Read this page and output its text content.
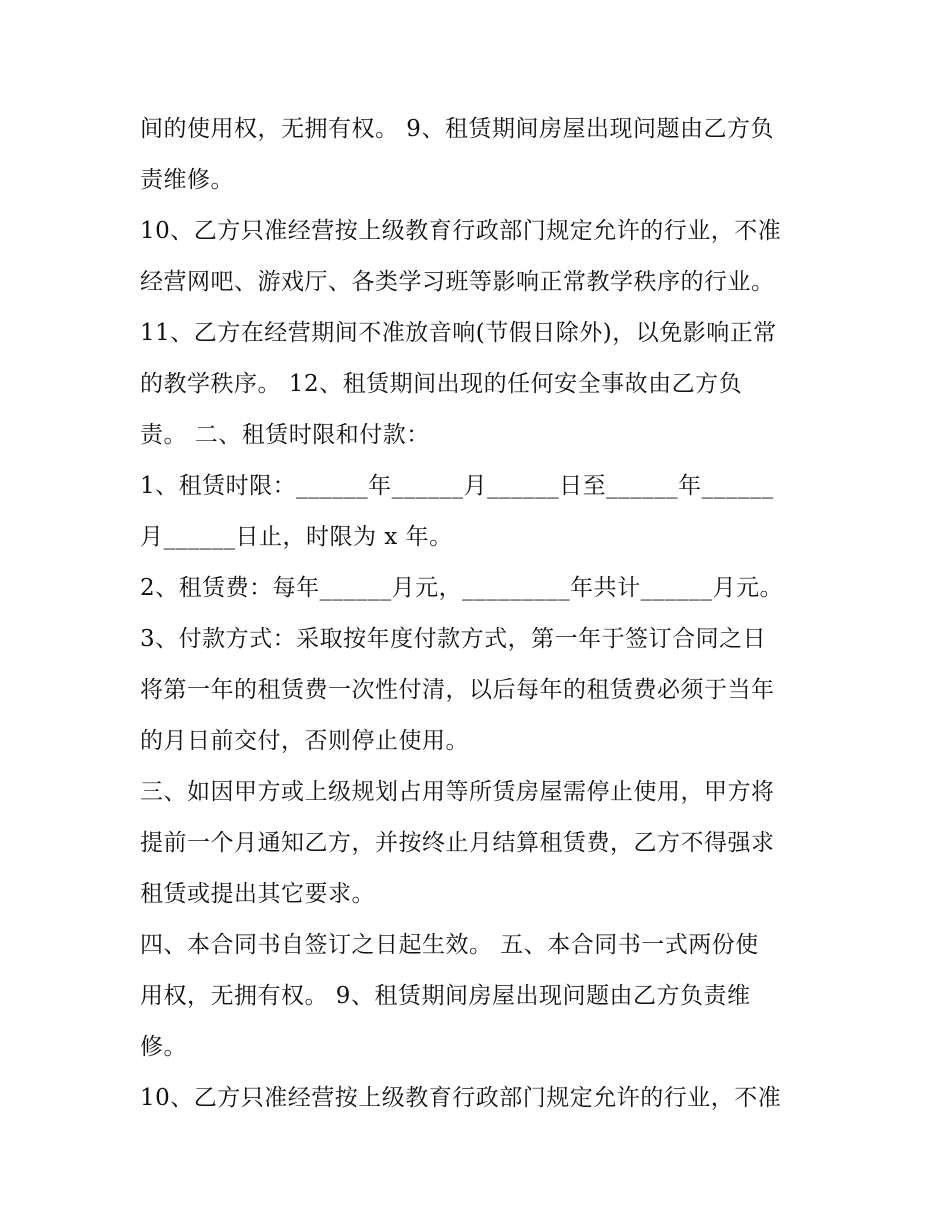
间的使用权，无拥有权。 9、租赁期间房屋出现问题由乙方负
责维修。
10、乙方只准经营按上级教育行政部门规定允许的行业，不准
经营网吧、游戏厅、各类学习班等影响正常教学秩序的行业。
11、乙方在经营期间不准放音响(节假日除外)，以免影响正常
的教学秩序。 12、租赁期间出现的任何安全事故由乙方负
责。 二、租赁时限和付款：
1、租赁时限：______年______月______日至______年______
月______日止，时限为 x 年。
2、租赁费：每年______月元，_________年共计______月元。
3、付款方式：采取按年度付款方式，第一年于签订合同之日
将第一年的租赁费一次性付清，以后每年的租赁费必须于当年
的月日前交付，否则停止使用。
三、如因甲方或上级规划占用等所赁房屋需停止使用，甲方将
提前一个月通知乙方，并按终止月结算租赁费，乙方不得强求
租赁或提出其它要求。
四、本合同书自签订之日起生效。 五、本合同书一式两份使
用权，无拥有权。 9、租赁期间房屋出现问题由乙方负责维
修。
10、乙方只准经营按上级教育行政部门规定允许的行业，不准
